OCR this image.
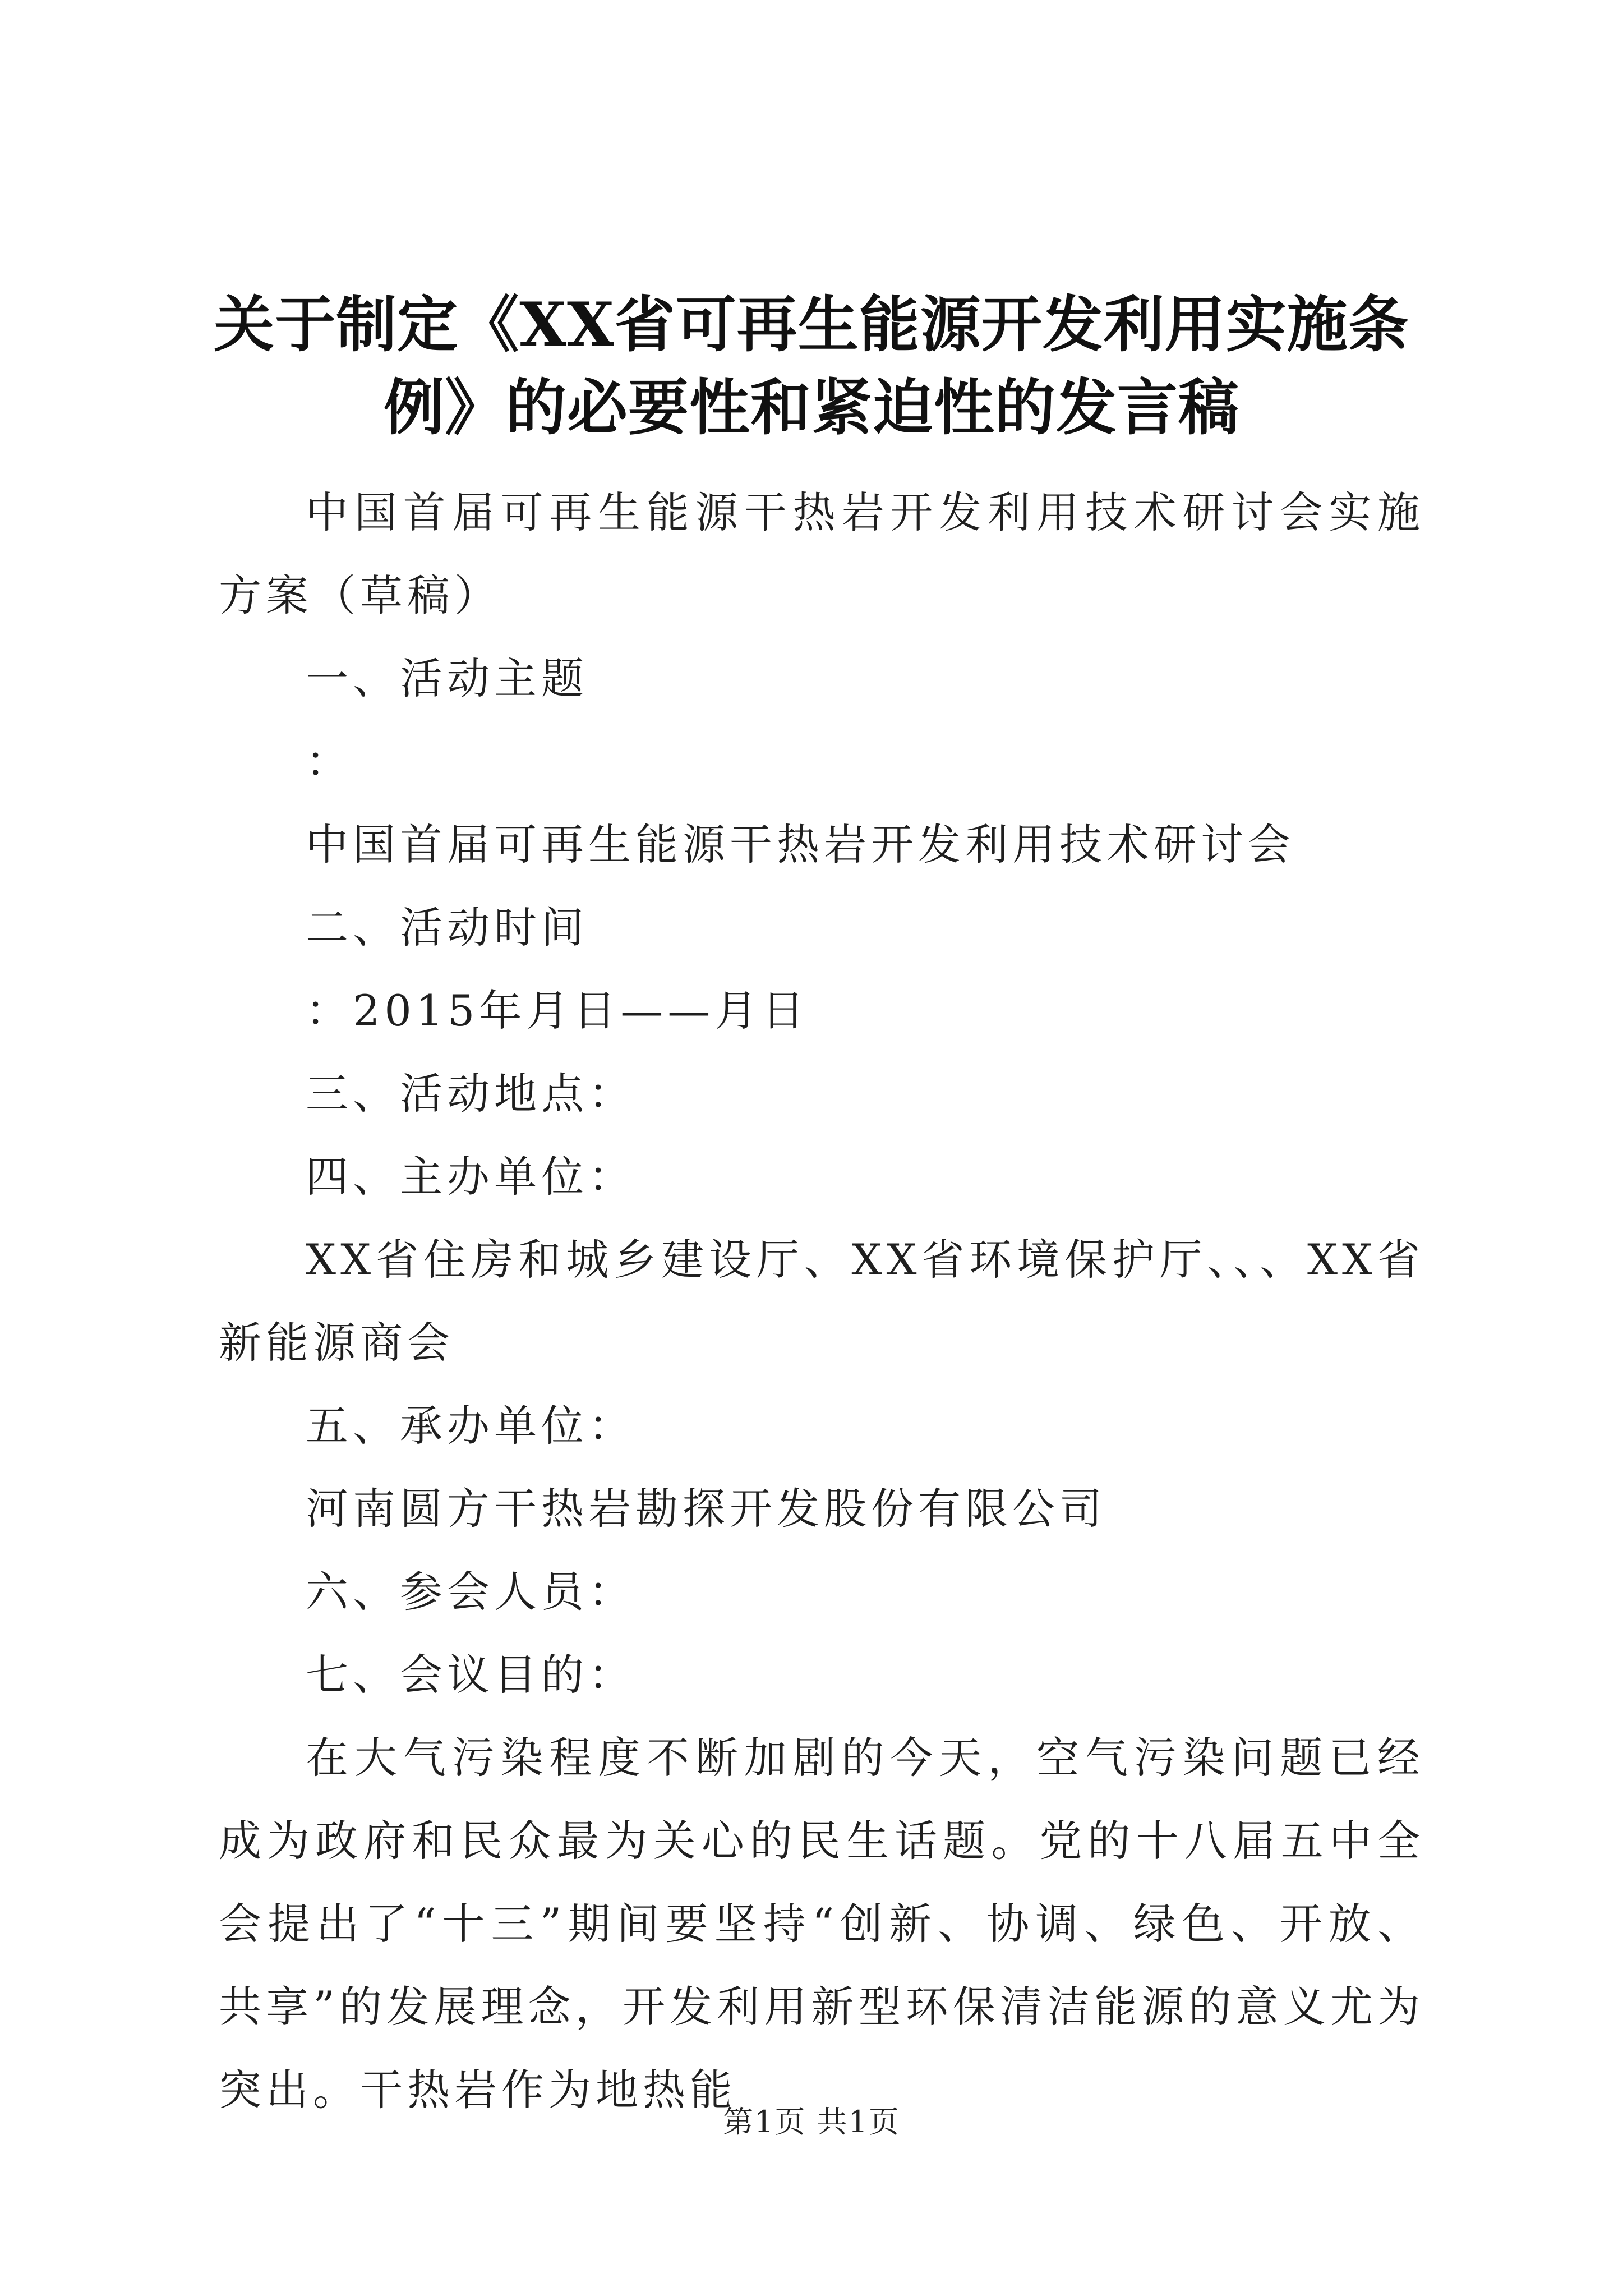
关于制定《XX省可再生能源开发利用实施条
例》的必要性和紧迫性的发言稿

中国首届可再生能源干热岩开发利用技术研讨会实施方案（草稿）

一、活动主题

：

中国首届可再生能源干热岩开发利用技术研讨会

二、活动时间

：2015年月日——月日

三、活动地点：

四、主办单位：

XX省住房和城乡建设厅、XX省环境保护厅、、、XX省新能源商会

五、承办单位：

河南圆方干热岩勘探开发股份有限公司

六、参会人员：

七、会议目的：

在大气污染程度不断加剧的今天，空气污染问题已经成为政府和民众最为关心的民生话题。党的十八届五中全会提出了“十三”期间要坚持“创新、协调、绿色、开放、共享”的发展理念，开发利用新型环保清洁能源的意义尤为突出。干热岩作为地热能

第1页 共1页
